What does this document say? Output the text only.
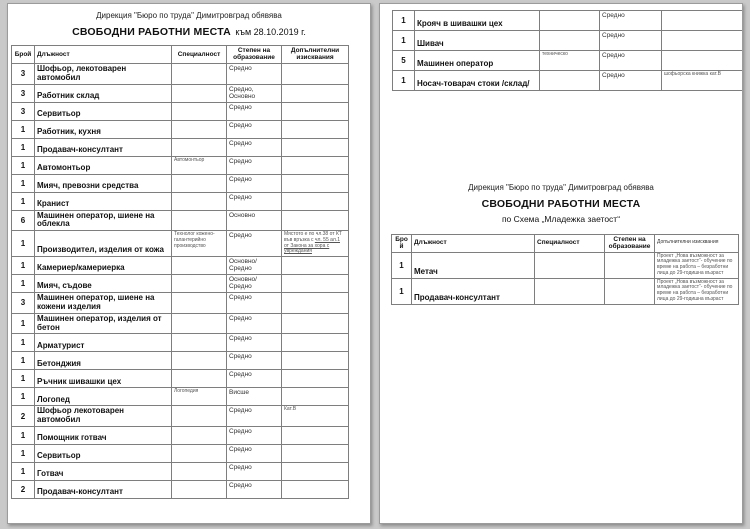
Дирекция "Бюро по труда" Димитровград обявява
СВОБОДНИ РАБОТНИ МЕСТА към 28.10.2019 г.
Брой	Длъжност	Специалност	Степен на образование	Допълнителни изисквания
3	Шофьор, лекотоварен автомобил		Средно	
3	Работник склад		Средно, Основно	
3	Сервитьор		Средно	
1	Работник, кухня		Средно	
1	Продавач-консултант		Средно	
1	Автомонтьор	Автомонтьор	Средно	
1	Мияч, превозни средства		Средно	
1	Кранист		Средно	
6	Машинен оператор, шиене на облекла		Основно	
1	Производител, изделия от кожа	Технолог кожено-галантерийно производство	Средно	Мястото е по чл.38 от КТ във връзка с чл. 55 ал.1 от Закона за хора с увреждания
1	Камериер/камериерка		Основно/Средно	
1	Мияч, съдове		Основно/Средно	
3	Машинен оператор, шиене на кожени изделия		Средно	
1	Машинен оператор, изделия от бетон		Средно	
1	Арматурист		Средно	
1	Бетонджия		Средно	
1	Ръчник шивашки цех		Средно	
1	Логопед	Логопедия	Висше	
2	Шофьор лекотоварен автомобил		Средно	Кат.В
1	Помощник готвач		Средно	
1	Сервитьор		Средно	
1	Готвач		Средно	
2	Продавач-консултант		Средно	
1	Крояч в шивашки цех		Средно	
1	Шивач		Средно	
5	Машинен оператор	техническо	Средно	
1	Носач-товарач стоки /склад/		Средно	шофьорска книжка кат.В
Дирекция "Бюро по труда" Димитровград обявява
СВОБОДНИ РАБОТНИ МЕСТА
по Схема „Младежка заетост“
Брой	Длъжност	Специалност	Степен на образование	Допълнителни изисквания
1	Метач			Проект „Нова възможност за младежка заетост“- обучение по време на работа – безработни лица до 29-годишна възраст
1	Продавач-консултант			Проект „Нова възможност за младежка заетост“- обучение по време на работа – безработни лица до 29-годишна възраст
